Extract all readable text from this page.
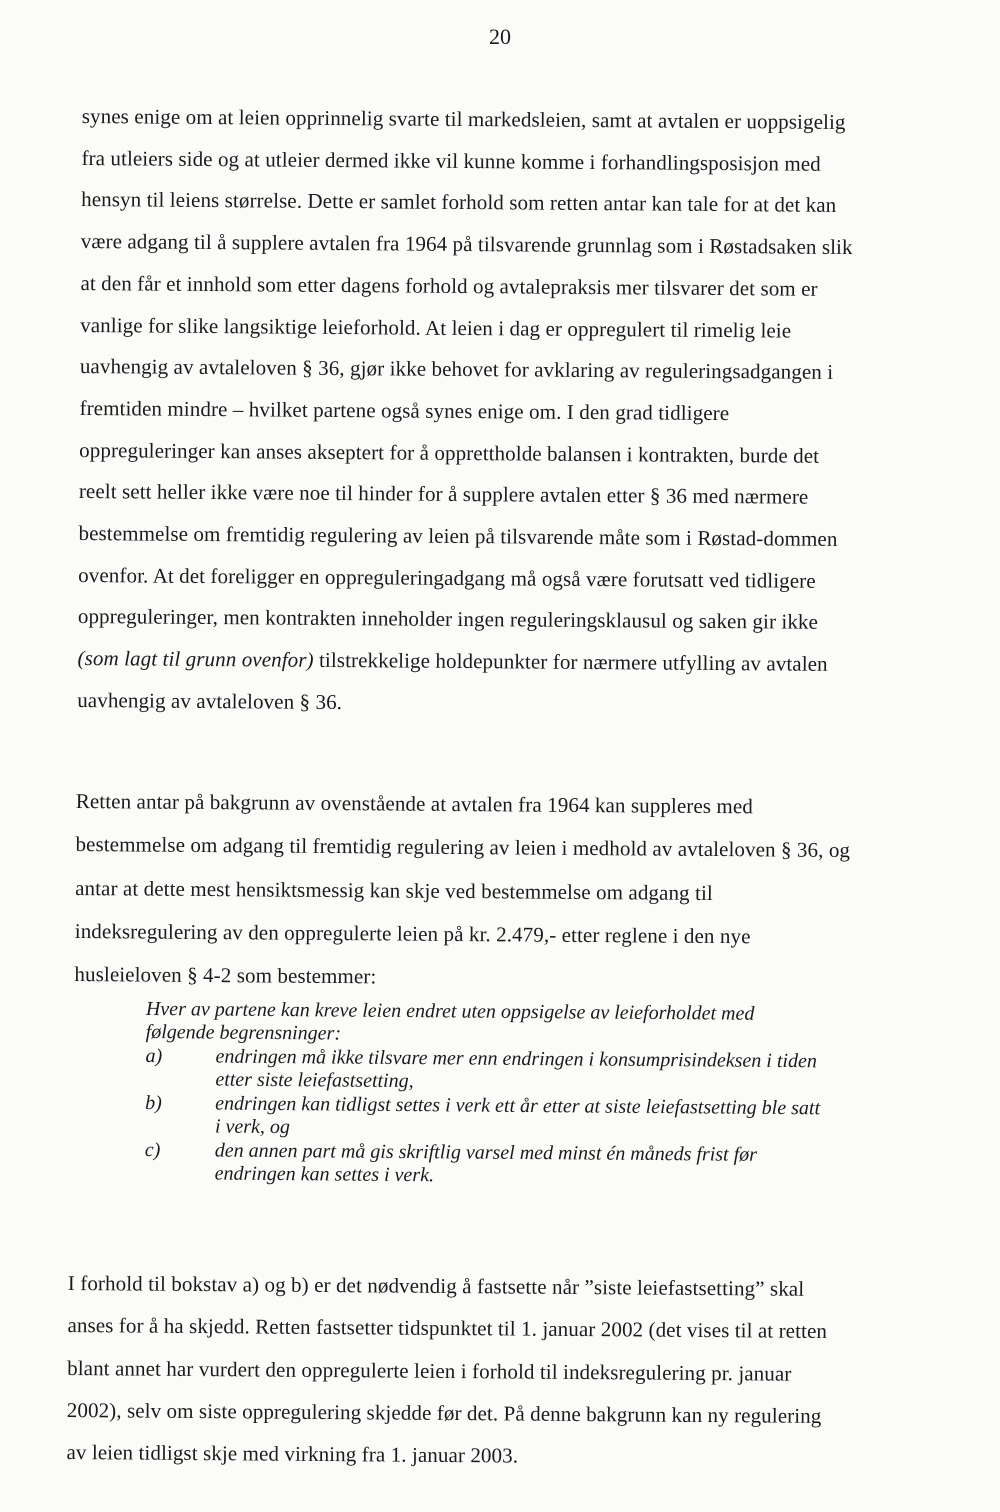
20
synes enige om at leien opprinnelig svarte til markedsleien, samt at avtalen er uoppsigelig
fra utleiers side og at utleier dermed ikke vil kunne komme i forhandlingsposisjon med
hensyn til leiens størrelse. Dette er samlet forhold som retten antar kan tale for at det kan
være adgang til å supplere avtalen fra 1964 på tilsvarende grunnlag som i Røstadsaken slik
at den får et innhold som etter dagens forhold og avtalepraksis mer tilsvarer det som er
vanlige for slike langsiktige leieforhold. At leien i dag er oppregulert til rimelig leie
uavhengig av avtaleloven § 36, gjør ikke behovet for avklaring av reguleringsadgangen i
fremtiden mindre – hvilket partene også synes enige om. I den grad tidligere
oppreguleringer kan anses akseptert for å opprettholde balansen i kontrakten, burde det
reelt sett heller ikke være noe til hinder for å supplere avtalen etter § 36 med nærmere
bestemmelse om fremtidig regulering av leien på tilsvarende måte som i Røstad-dommen
ovenfor. At det foreligger en oppreguleringadgang må også være forutsatt ved tidligere
oppreguleringer, men kontrakten inneholder ingen reguleringsklausul og saken gir ikke
(som lagt til grunn ovenfor) tilstrekkelige holdepunkter for nærmere utfylling av avtalen
uavhengig av avtaleloven § 36.
Retten antar på bakgrunn av ovenstående at avtalen fra 1964 kan suppleres med
bestemmelse om adgang til fremtidig regulering av leien i medhold av avtaleloven § 36, og
antar at dette mest hensiktsmessig kan skje ved bestemmelse om adgang til
indeksregulering av den oppregulerte leien på kr. 2.479,- etter reglene i den nye
husleieloven § 4-2 som bestemmer:
Hver av partene kan kreve leien endret uten oppsigelse av leieforholdet med
følgende begrensninger:
a)	endringen må ikke tilsvare mer enn endringen i konsumprisindeksen i tiden
etter siste leiefastsetting,
b)	endringen kan tidligst settes i verk ett år etter at siste leiefastsetting ble satt
i verk, og
c)	den annen part må gis skriftlig varsel med minst én måneds frist før
endringen kan settes i verk.
I forhold til bokstav a) og b) er det nødvendig å fastsette når ”siste leiefastsetting” skal
anses for å ha skjedd. Retten fastsetter tidspunktet til 1. januar 2002 (det vises til at retten
blant annet har vurdert den oppregulerte leien i forhold til indeksregulering pr. januar
2002), selv om siste oppregulering skjedde før det. På denne bakgrunn kan ny regulering
av leien tidligst skje med virkning fra 1. januar 2003.
